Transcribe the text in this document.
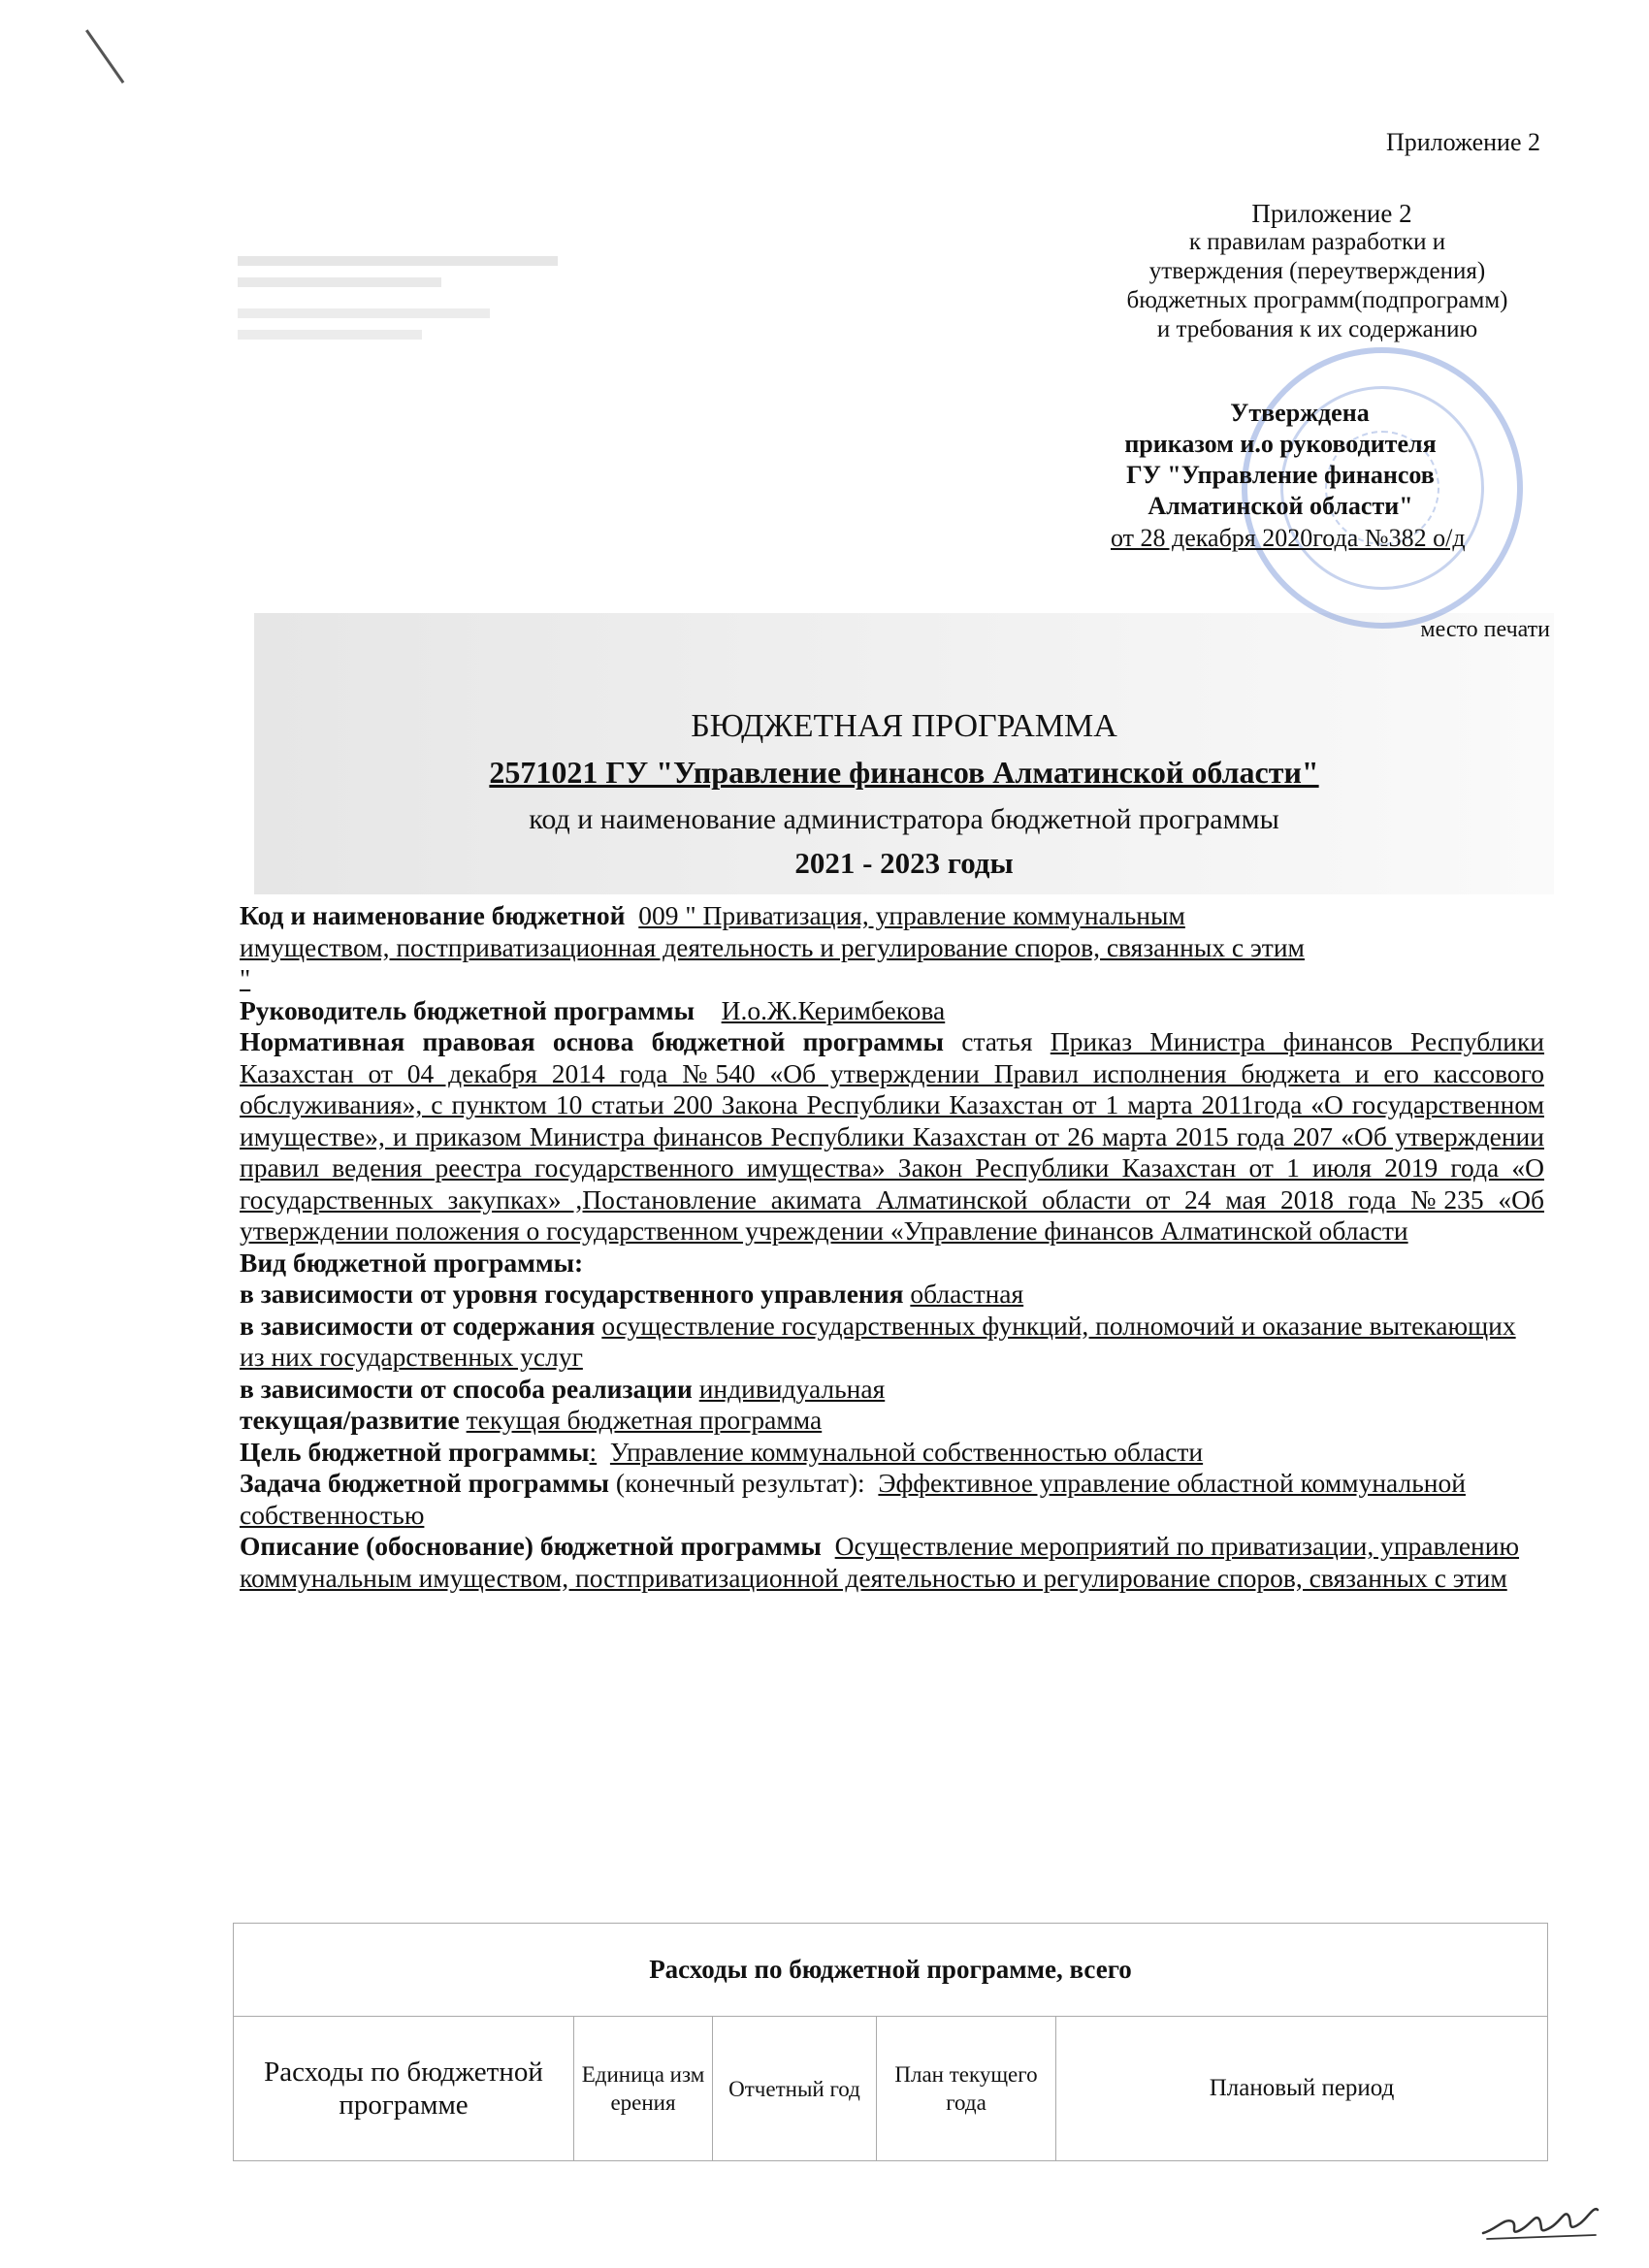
Приложение 2
Приложение 2
к правилам разработки и
утверждения (переутверждения)
бюджетных программ(подпрограмм)
и требования к их содержанию
Утверждена
приказом и.о руководителя
ГУ "Управление финансов
Алматинской области"
от 28 декабря 2020года №382 о/д
место печати
БЮДЖЕТНАЯ ПРОГРАММА
2571021 ГУ "Управление финансов Алматинской области"
код и наименование администратора бюджетной программы
2021 - 2023 годы

Код и наименование бюджетной 009 " Приватизация, управление коммунальным

имуществом, постприватизационная деятельность и регулирование споров, связанных с этим

"

Руководитель бюджетной программы И.о.Ж.Керимбекова

Нормативная правовая основа бюджетной программы статья Приказ Министра финансов Республики Казахстан от 04 декабря 2014 года №540 «Об утверждении Правил исполнения бюджета и его кассового обслуживания», с пунктом 10 статьи 200 Закона Республики Казахстан от 1 марта 2011года «О государственном имуществе», и приказом Министра финансов Республики Казахстан от 26 марта 2015 года 207 «Об утверждении правил ведения реестра государственного имущества» Закон Республики Казахстан от 1 июля 2019 года «О государственных закупках» ,Постановление акимата Алматинской области от 24 мая 2018 года №235 «Об утверждении положения о государственном учреждении «Управление финансов Алматинской области

Вид бюджетной программы:

в зависимости от уровня государственного управления областная

в зависимости от содержания осуществление государственных функций, полномочий и оказание вытекающих из них государственных услуг

в зависимости от способа реализации индивидуальная

текущая/развитие текущая бюджетная программа

Цель бюджетной программы: Управление коммунальной собственностью области

Задача бюджетной программы (конечный результат): Эффективное управление областной коммунальной собственностью

Описание (обоснование) бюджетной программы Осуществление мероприятий по приватизации, управлению коммунальным имуществом, постприватизационной деятельностью и регулирование споров, связанных с этим

Расходы по бюджетной программе, всего
Расходы по бюджетной программе	Единица измерения	Отчетный год	План текущего года	Плановый период
